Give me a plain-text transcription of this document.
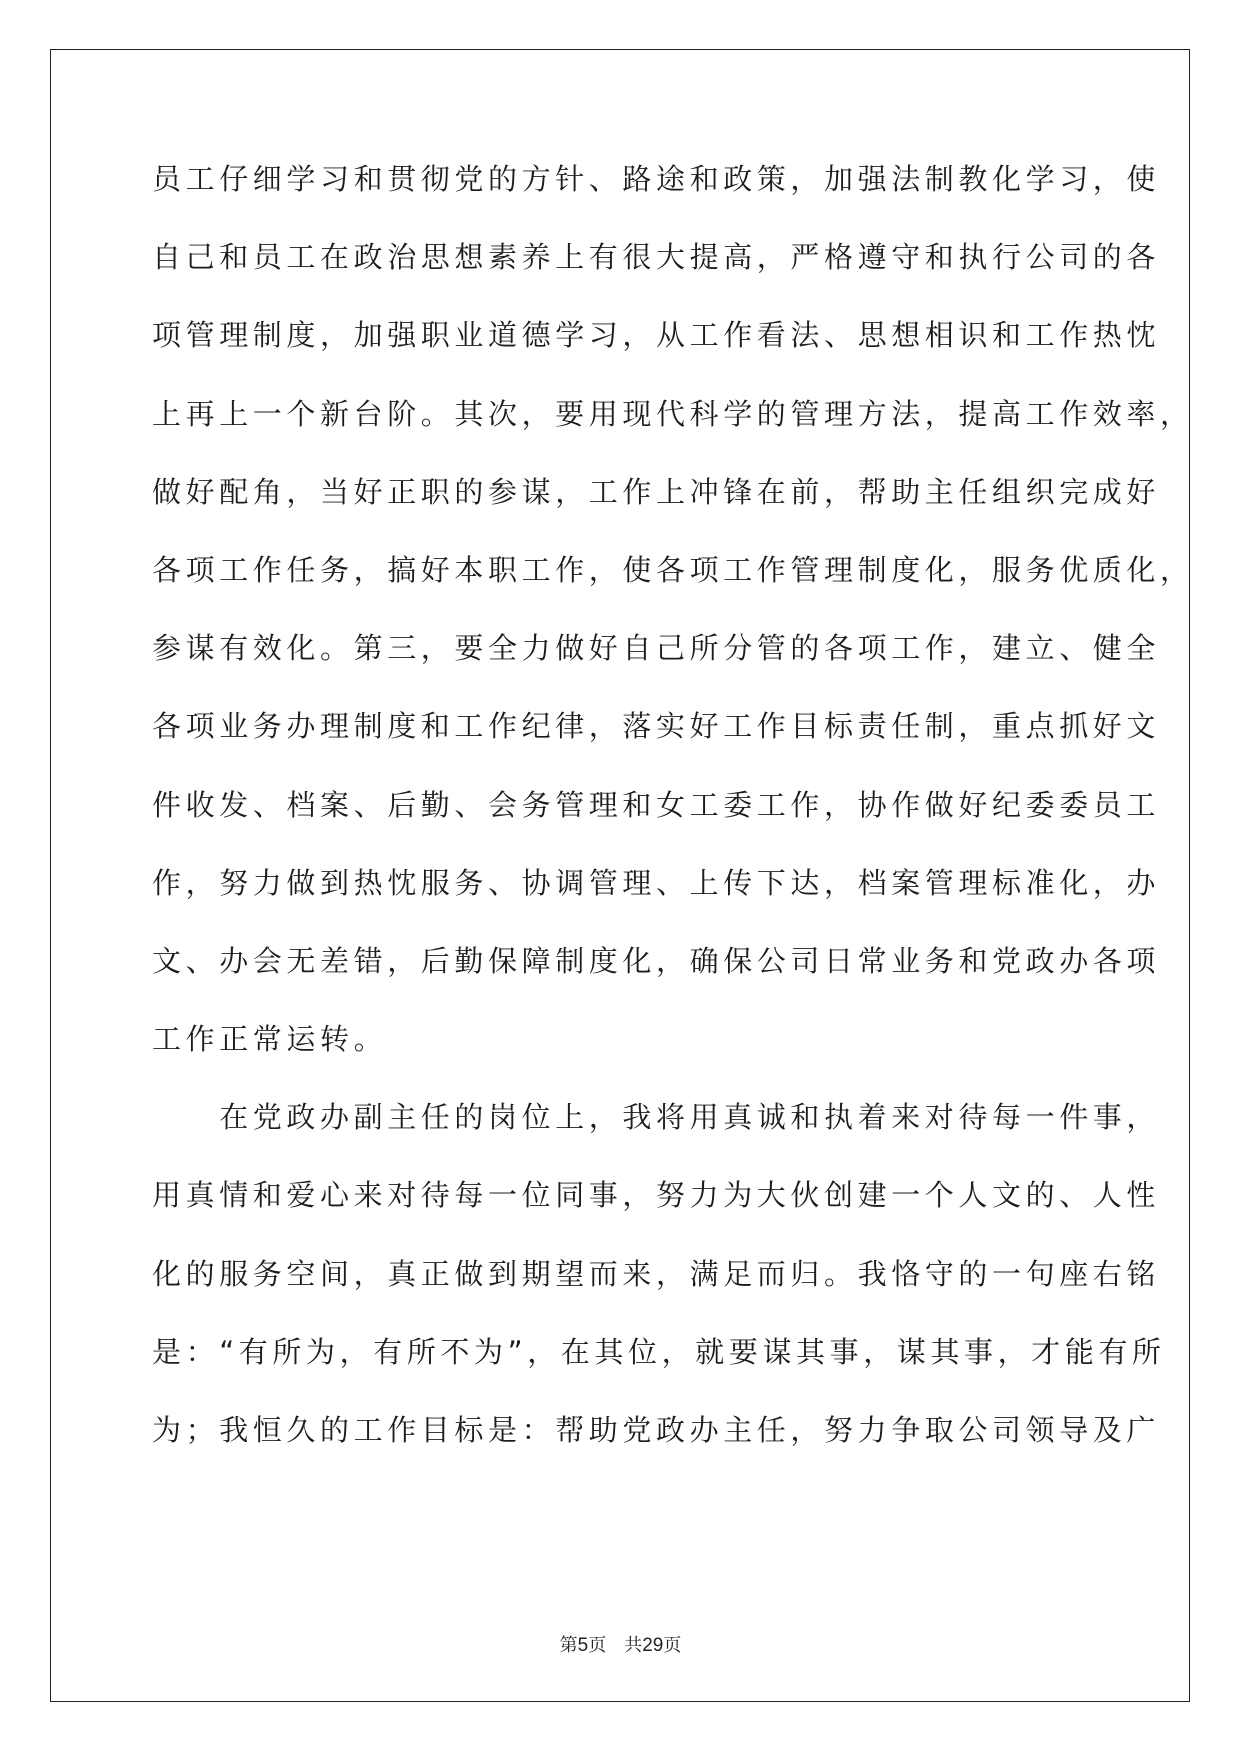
员工仔细学习和贯彻党的方针、路途和政策，加强法制教化学习，使
自己和员工在政治思想素养上有很大提高，严格遵守和执行公司的各
项管理制度，加强职业道德学习，从工作看法、思想相识和工作热忱
上再上一个新台阶。其次，要用现代科学的管理方法，提高工作效率，
做好配角，当好正职的参谋，工作上冲锋在前，帮助主任组织完成好
各项工作任务，搞好本职工作，使各项工作管理制度化，服务优质化，
参谋有效化。第三，要全力做好自己所分管的各项工作，建立、健全
各项业务办理制度和工作纪律，落实好工作目标责任制，重点抓好文
件收发、档案、后勤、会务管理和女工委工作，协作做好纪委委员工
作，努力做到热忱服务、协调管理、上传下达，档案管理标准化，办
文、办会无差错，后勤保障制度化，确保公司日常业务和党政办各项
工作正常运转。
　　在党政办副主任的岗位上，我将用真诚和执着来对待每一件事，
用真情和爱心来对待每一位同事，努力为大伙创建一个人文的、人性
化的服务空间，真正做到期望而来，满足而归。我恪守的一句座右铭
是：“有所为，有所不为”，在其位，就要谋其事，谋其事，才能有所
为；我恒久的工作目标是：帮助党政办主任，努力争取公司领导及广
第5页　共29页
